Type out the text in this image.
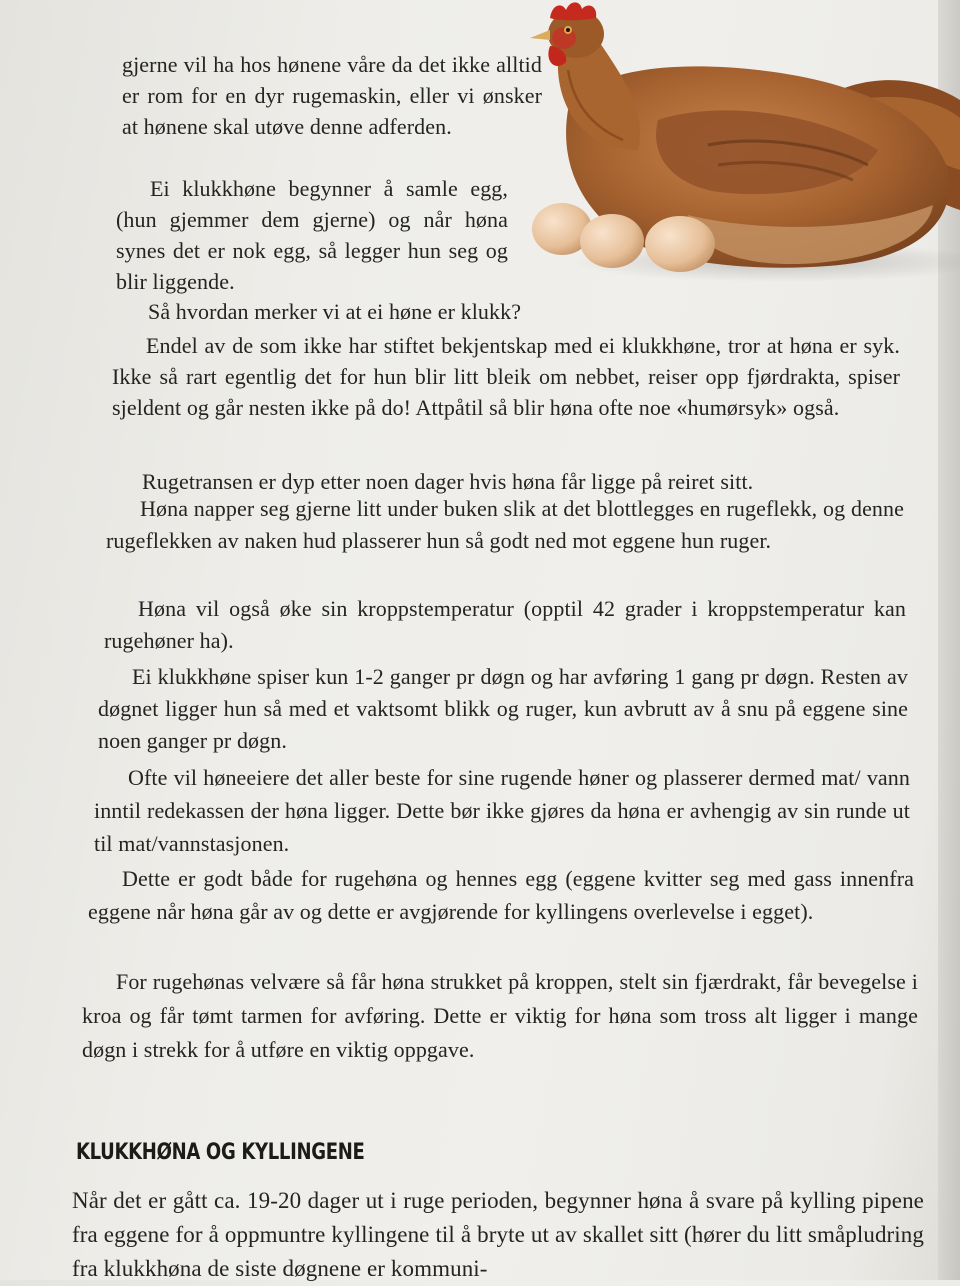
gjerne vil ha hos hønene våre da det ikke alltid er rom for en dyr rugemaskin, eller vi ønsker at hønene skal utøve denne adferden.

Ei klukkhøne begynner å samle egg, (hun gjemmer dem gjerne) og når høna synes det er nok egg, så legger hun seg og blir liggende.

Så hvordan merker vi at ei høne er klukk?

Endel av de som ikke har stiftet bekjentskap med ei klukkhøne, tror at høna er syk. Ikke så rart egentlig det for hun blir litt bleik om nebbet, reiser opp fjørdrakta, spiser sjeldent og går nesten ikke på do! Attpåtil så blir høna ofte noe «humørsyk» også.

Rugetransen er dyp etter noen dager hvis høna får ligge på reiret sitt.

Høna napper seg gjerne litt under buken slik at det blottlegges en rugeflekk, og denne rugeflekken av naken hud plasserer hun så godt ned mot eggene hun ruger.

Høna vil også øke sin kroppstemperatur (opptil 42 grader i kroppstemperatur kan rugehøner ha).

Ei klukkhøne spiser kun 1-2 ganger pr døgn og har avføring 1 gang pr døgn. Resten av døgnet ligger hun så med et vaktsomt blikk og ruger, kun avbrutt av å snu på eggene sine noen ganger pr døgn.

Ofte vil høneeiere det aller beste for sine rugende høner og plasserer dermed mat/ vann inntil redekassen der høna ligger. Dette bør ikke gjøres da høna er avhengig av sin runde ut til mat/vannstasjonen.

Dette er godt både for rugehøna og hennes egg (eggene kvitter seg med gass innenfra eggene når høna går av og dette er avgjørende for kyllingens overlevelse i egget).

For rugehønas velvære så får høna strukket på kroppen, stelt sin fjærdrakt, får bevegelse i kroa og får tømt tarmen for avføring. Dette er viktig for høna som tross alt ligger i mange døgn i strekk for å utføre en viktig oppgave.

KLUKKHØNA OG KYLLINGENE

Når det er gått ca. 19-20 dager ut i ruge perioden, begynner høna å svare på kylling pipene fra eggene for å oppmuntre kyllingene til å bryte ut av skallet sitt (hører du litt småpludring fra klukkhøna de siste døgnene er kommuni-
